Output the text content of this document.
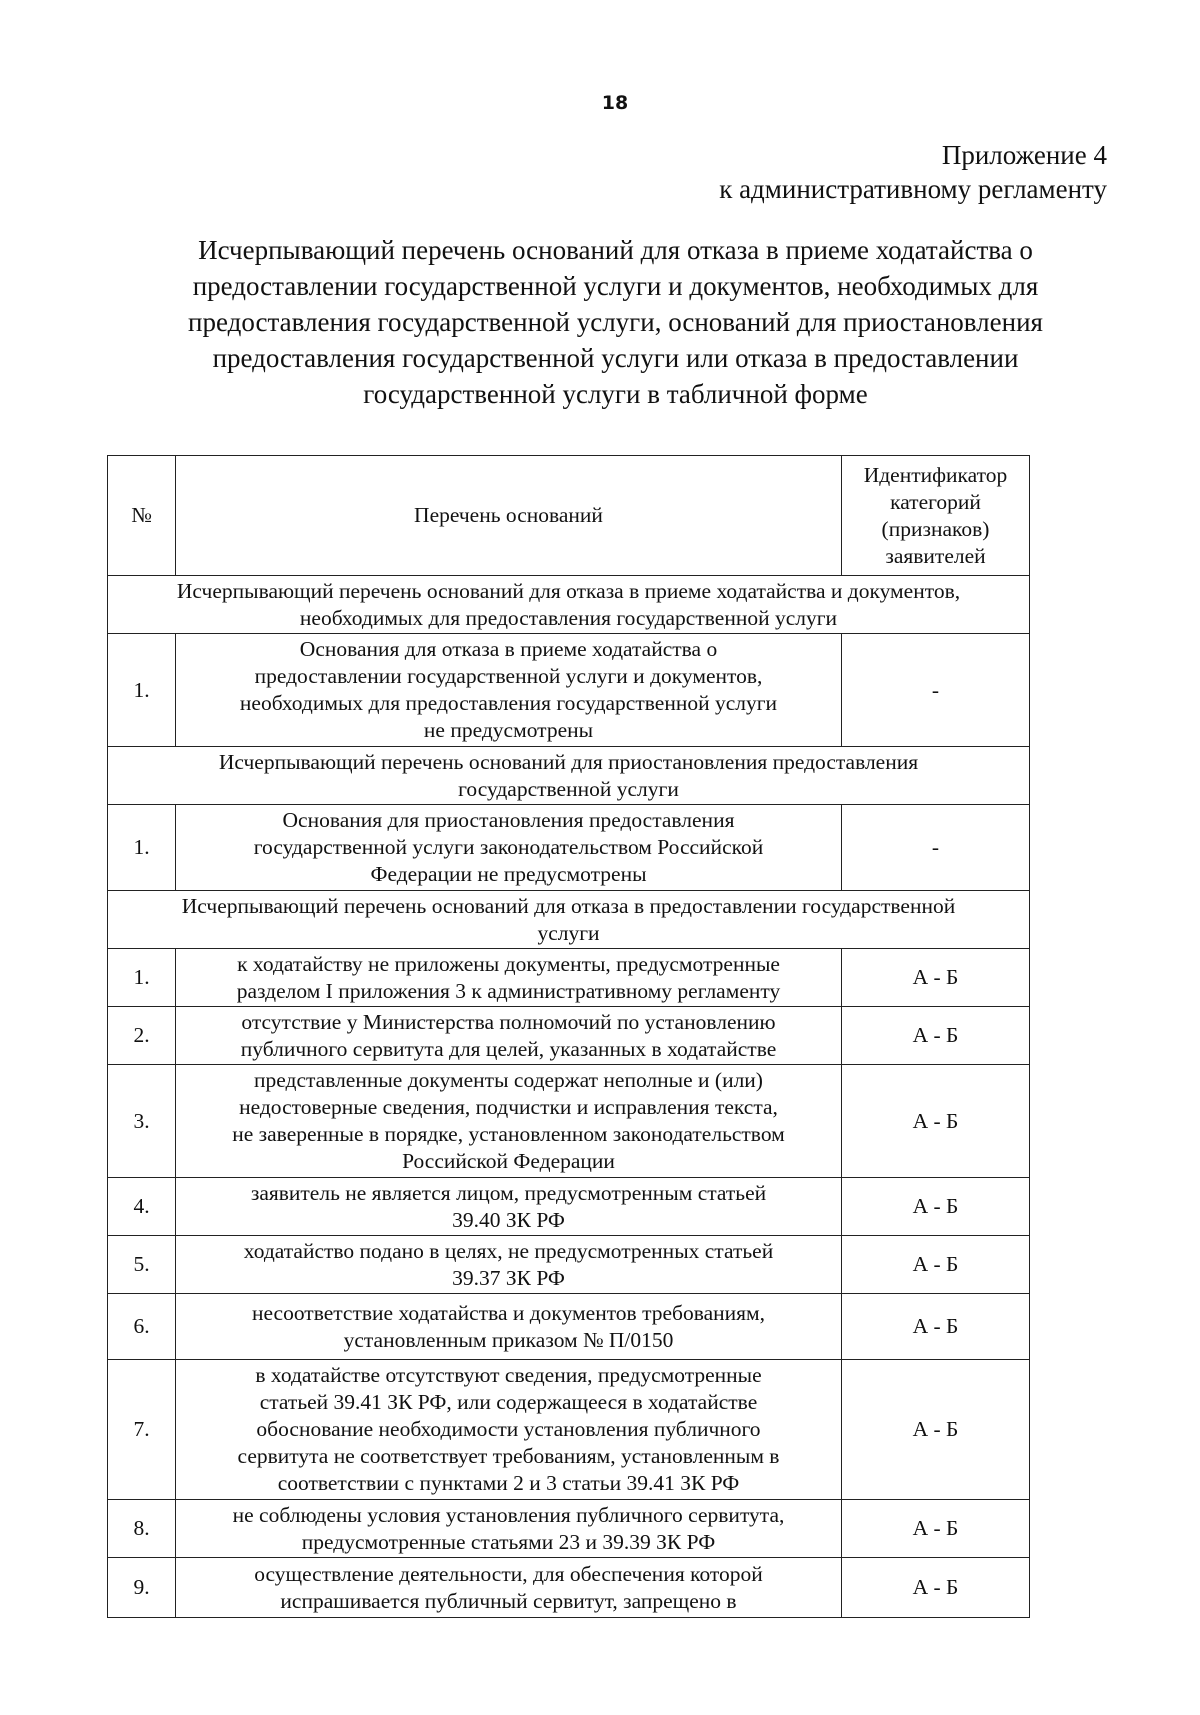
18
Приложение 4
к административному регламенту
Исчерпывающий перечень оснований для отказа в приеме ходатайства о
предоставлении государственной услуги и документов, необходимых для
предоставления государственной услуги, оснований для приостановления
предоставления государственной услуги или отказа в предоставлении
государственной услуги в табличной форме
№	Перечень оснований	Идентификатор
категорий
(признаков)
заявителей

Исчерпывающий перечень оснований для отказа в приеме ходатайства и документов,
необходимых для предоставления государственной услуги		

1.	Основания для отказа в приеме ходатайства о
предоставлении государственной услуги и документов,
необходимых для предоставления государственной услуги
не предусмотрены	-

Исчерпывающий перечень оснований для приостановления предоставления
государственной услуги		

1.	Основания для приостановления предоставления
государственной услуги законодательством Российской
Федерации не предусмотрены	-

Исчерпывающий перечень оснований для отказа в предоставлении государственной
услуги		

1.	к ходатайству не приложены документы, предусмотренные
разделом I приложения 3 к административному регламенту	А - Б
2.	отсутствие у Министерства полномочий по установлению
публичного сервитута для целей, указанных в ходатайстве	А - Б
3.	представленные документы содержат неполные и (или)
недостоверные сведения, подчистки и исправления текста,
не заверенные в порядке, установленном законодательством
Российской Федерации	А - Б
4.	заявитель не является лицом, предусмотренным статьей
39.40 ЗК РФ	А - Б
5.	ходатайство подано в целях, не предусмотренных статьей
39.37 ЗК РФ	А - Б
6.	несоответствие ходатайства и документов требованиям,
установленным приказом № П/0150	А - Б
7.	в ходатайстве отсутствуют сведения, предусмотренные
статьей 39.41 ЗК РФ, или содержащееся в ходатайстве
обоснование необходимости установления публичного
сервитута не соответствует требованиям, установленным в
соответствии с пунктами 2 и 3 статьи 39.41 ЗК РФ	А - Б
8.	не соблюдены условия установления публичного сервитута,
предусмотренные статьями 23 и 39.39 ЗК РФ	А - Б
9.	осуществление деятельности, для обеспечения которой
испрашивается публичный сервитут, запрещено в	А - Б
